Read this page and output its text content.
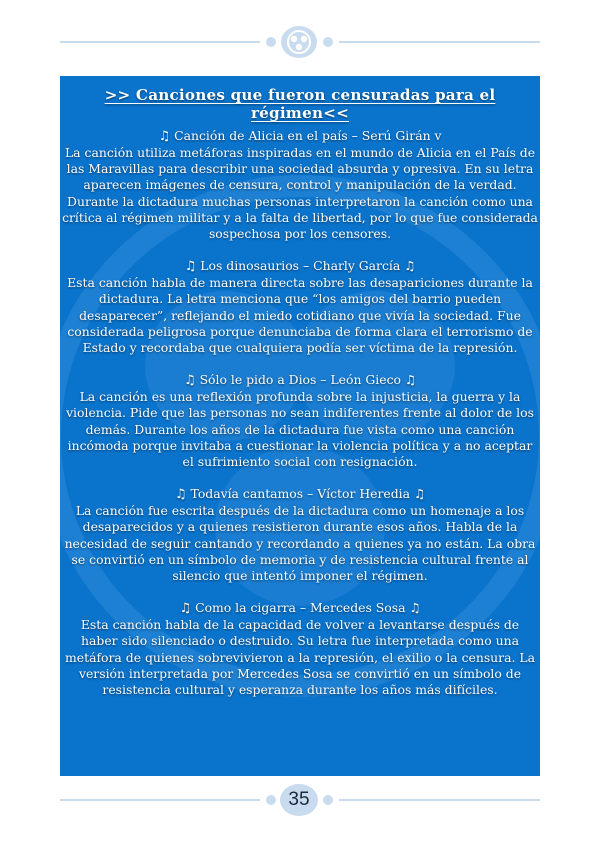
>> Canciones que fueron censuradas para el régimen<<

♫ Canción de Alicia en el país – Serú Girán v

La canción utiliza metáforas inspiradas en el mundo de Alicia en el País de las Maravillas para describir una sociedad absurda y opresiva. En su letra aparecen imágenes de censura, control y manipulación de la verdad. Durante la dictadura muchas personas interpretaron la canción como una crítica al régimen militar y a la falta de libertad, por lo que fue considerada sospechosa por los censores.

♫ Los dinosaurios – Charly García ♫

Esta canción habla de manera directa sobre las desapariciones durante la dictadura. La letra menciona que “los amigos del barrio pueden desaparecer”, reflejando el miedo cotidiano que vivía la sociedad. Fue considerada peligrosa porque denunciaba de forma clara el terrorismo de Estado y recordaba que cualquiera podía ser víctima de la represión.

♫ Sólo le pido a Dios – León Gieco ♫

La canción es una reflexión profunda sobre la injusticia, la guerra y la violencia. Pide que las personas no sean indiferentes frente al dolor de los demás. Durante los años de la dictadura fue vista como una canción incómoda porque invitaba a cuestionar la violencia política y a no aceptar el sufrimiento social con resignación.

♫ Todavía cantamos – Víctor Heredia ♫

La canción fue escrita después de la dictadura como un homenaje a los desaparecidos y a quienes resistieron durante esos años. Habla de la necesidad de seguir cantando y recordando a quienes ya no están. La obra se convirtió en un símbolo de memoria y de resistencia cultural frente al silencio que intentó imponer el régimen.

♫ Como la cigarra – Mercedes Sosa ♫

Esta canción habla de la capacidad de volver a levantarse después de haber sido silenciado o destruido. Su letra fue interpretada como una metáfora de quienes sobrevivieron a la represión, el exilio o la censura. La versión interpretada por Mercedes Sosa se convirtió en un símbolo de resistencia cultural y esperanza durante los años más difíciles.

35
